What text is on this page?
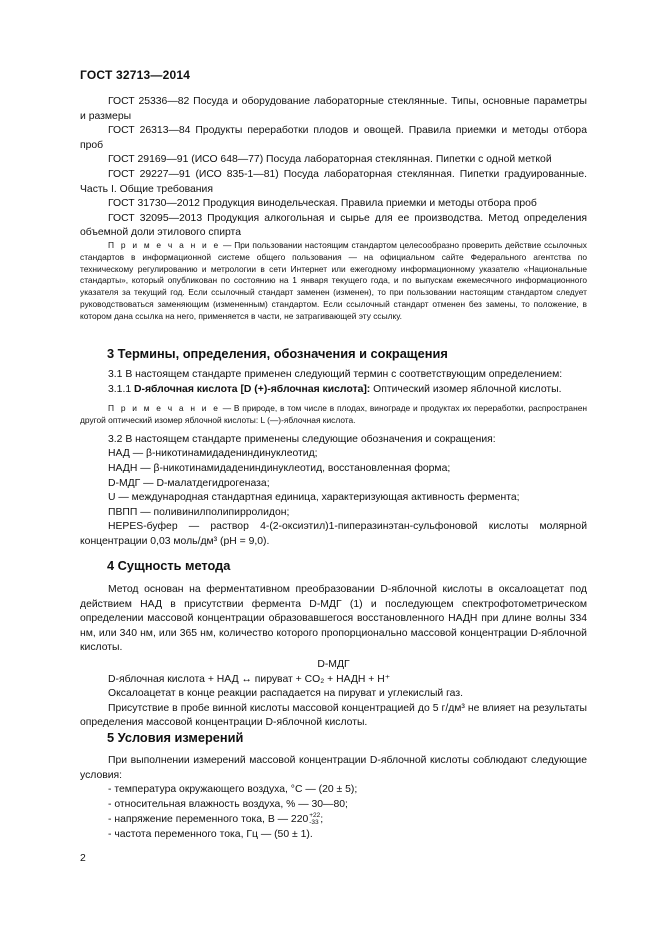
ГОСТ 32713—2014

ГОСТ 25336—82 Посуда и оборудование лабораторные стеклянные. Типы, основные параметры и размеры

ГОСТ 26313—84 Продукты переработки плодов и овощей. Правила приемки и методы отбора проб

ГОСТ 29169—91 (ИСО 648—77) Посуда лабораторная стеклянная. Пипетки с одной меткой

ГОСТ 29227—91 (ИСО 835-1—81) Посуда лабораторная стеклянная. Пипетки градуированные. Часть I. Общие требования

ГОСТ 31730—2012 Продукция винодельческая. Правила приемки и методы отбора проб

ГОСТ 32095—2013 Продукция алкогольная и сырье для ее производства. Метод определения объемной доли этилового спирта

П р и м е ч а н и е — При пользовании настоящим стандартом целесообразно проверить действие ссылочных стандартов в информационной системе общего пользования — на официальном сайте Федерального агентства по техническому регулированию и метрологии в сети Интернет или ежегодному информационному указателю «Национальные стандарты», который опубликован по состоянию на 1 января текущего года, и по выпускам ежемесячного информационного указателя за текущий год. Если ссылочный стандарт заменен (изменен), то при пользовании настоящим стандартом следует руководствоваться заменяющим (измененным) стандартом. Если ссылочный стандарт отменен без замены, то положение, в котором дана ссылка на него, применяется в части, не затрагивающей эту ссылку.

3 Термины, определения, обозначения и сокращения

3.1 В настоящем стандарте применен следующий термин с соответствующим определением:

3.1.1 D-яблочная кислота [D (+)-яблочная кислота]: Оптический изомер яблочной кислоты.

П р и м е ч а н и е — В природе, в том числе в плодах, винограде и продуктах их переработки, распространен другой оптический изомер яблочной кислоты: L (—)-яблочная кислота.

3.2 В настоящем стандарте применены следующие обозначения и сокращения:

НАД — β-никотинамидадениндинуклеотид;

НАДН — β-никотинамидадениндинуклеотид, восстановленная форма;

D-МДГ — D-малатдегидрогеназа;

U — международная стандартная единица, характеризующая активность фермента;

ПВПП — поливинилполипирролидон;

HEPES-буфер — раствор 4-(2-оксиэтил)1-пиперазинэтан-сульфоновой кислоты молярной концентрации 0,03 моль/дм³ (pH = 9,0).

4 Сущность метода

Метод основан на ферментативном преобразовании D-яблочной кислоты в оксалоацетат под действием НАД в присутствии фермента D-МДГ (1) и последующем спектрофотометрическом определении массовой концентрации образовавшегося восстановленного НАДН при длине волны 334 нм, или 340 нм, или 365 нм, количество которого пропорционально массовой концентрации D-яблочной кислоты.

D-МДГ

D-яблочная кислота + НАД ↔ пируват + CO₂ + НАДН + H⁺

Оксалоацетат в конце реакции распадается на пируват и углекислый газ.

Присутствие в пробе винной кислоты массовой концентрацией до 5 г/дм³ не влияет на результаты определения массовой концентрации D-яблочной кислоты.

5 Условия измерений

При выполнении измерений массовой концентрации D-яблочной кислоты соблюдают следующие условия:

- температура окружающего воздуха, °С — (20 ± 5);

- относительная влажность воздуха, % — 30—80;

- напряжение переменного тока, В — 220+22
-33 ;

- частота переменного тока, Гц — (50 ± 1).

2
